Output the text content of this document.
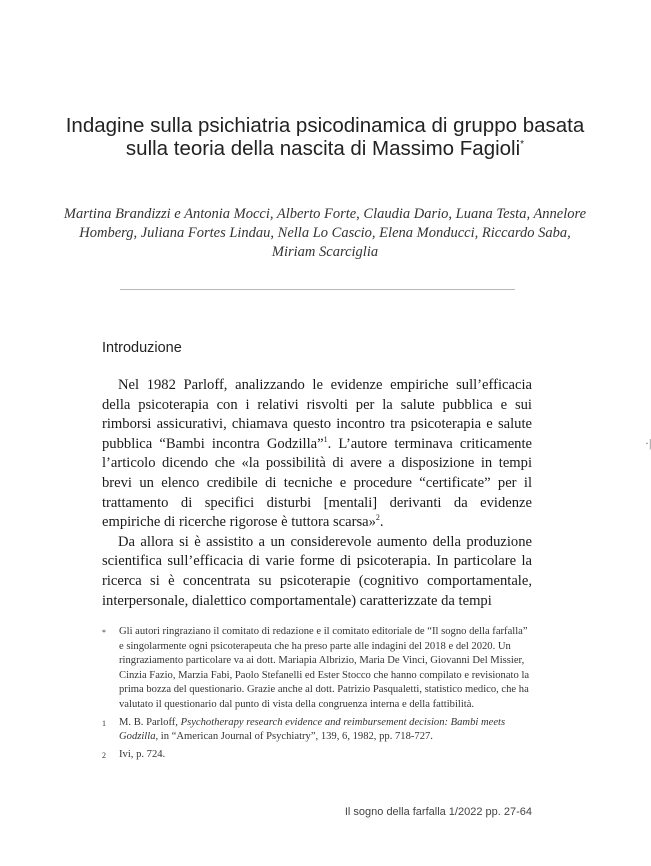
Indagine sulla psichiatria psicodinamica di gruppo basata sulla teoria della nascita di Massimo Fagioli*
Martina Brandizzi e Antonia Mocci, Alberto Forte, Claudia Dario, Luana Testa, Annelore Homberg, Juliana Fortes Lindau, Nella Lo Cascio, Elena Monducci, Riccardo Saba, Miriam Scarciglia
Introduzione

Nel 1982 Parloff, analizzando le evidenze empiriche sull’efficacia della psicoterapia con i relativi risvolti per la salute pubblica e sui rimborsi assicurativi, chiamava questo incontro tra psicoterapia e salute pubblica “Bambi incontra Godzilla”$^1$. L’autore terminava criticamente l’articolo dicendo che «la possibilità di avere a disposizione in tempi brevi un elenco credibile di tecniche e procedure “certificate” per il trattamento di specifici disturbi [mentali] derivanti da evidenze empiriche di ricerche rigorose è tuttora scarsa»$^2$.

Da allora si è assistito a un considerevole aumento della produzione scientifica sull’efficacia di varie forme di psicoterapia. In particolare la ricerca si è concentrata su psicoterapie (cognitivo comportamentale, interpersonale, dialettico comportamentale) caratterizzate da tempi

*	Gli autori ringraziano il comitato di redazione e il comitato editoriale de “Il sogno della farfalla” e singolarmente ogni psicoterapeuta che ha preso parte alle indagini del 2018 e del 2020. Un ringraziamento particolare va ai dott. Mariapia Albrizio, Maria De Vinci, Giovanni Del Missier, Cinzia Fazio, Marzia Fabi, Paolo Stefanelli ed Ester Stocco che hanno compilato e revisionato la prima bozza del questionario. Grazie anche al dott. Patrizio Pasqualetti, statistico medico, che ha valutato il questionario dal punto di vista della congruenza interna e della fattibilità.
1	M. B. Parloff, Psychotherapy research evidence and reimbursement decision: Bambi meets Godzilla, in “American Journal of Psychiatry”, 139, 6, 1982, pp. 718-727.
2	Ivi, p. 724.
Il sogno della farfalla 1/2022 pp. 27-64
·|
